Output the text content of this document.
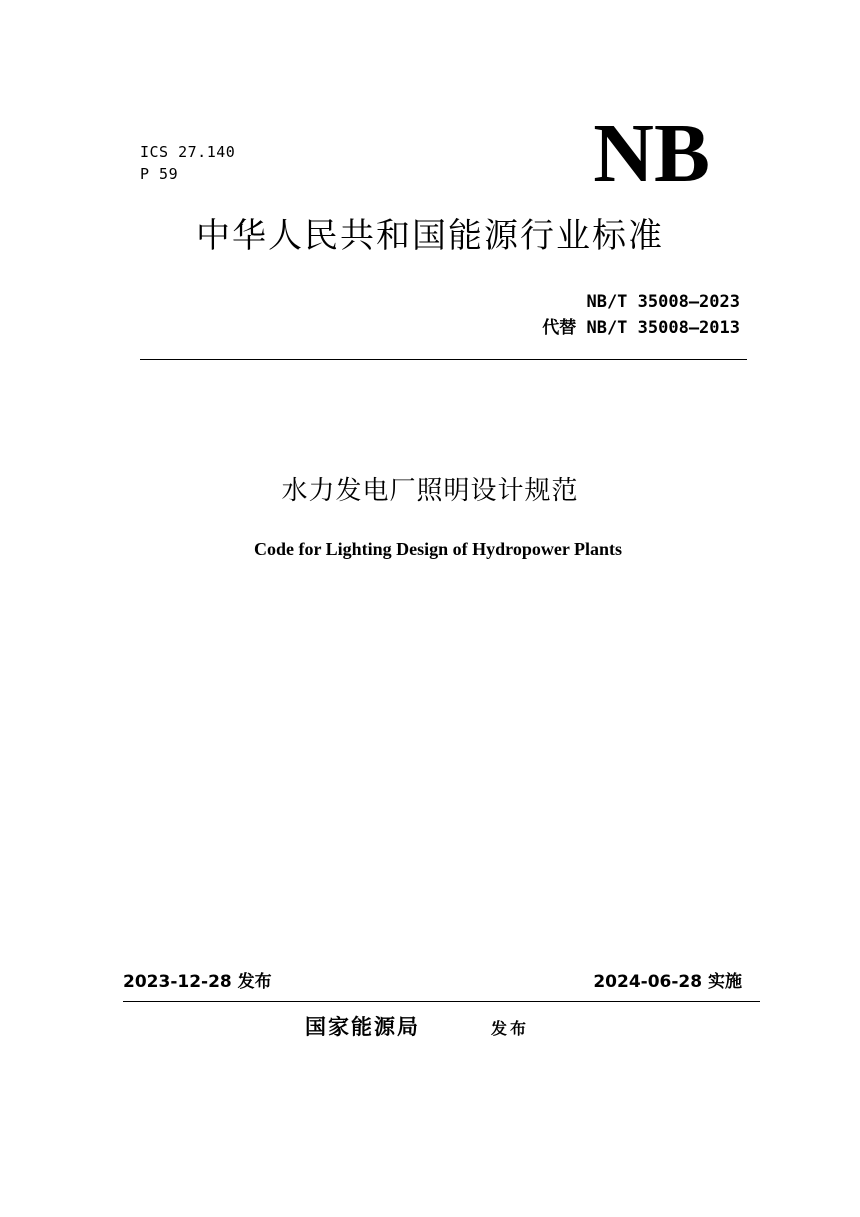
ICS 27.140
P 59	NB
中华人民共和国能源行业标准
NB/T 35008—2023
代替 NB/T 35008—2013
水力发电厂照明设计规范
Code for Lighting Design of Hydropower Plants
2023-12-28 发布	2024-06-28 实施
国家能源局	发布
